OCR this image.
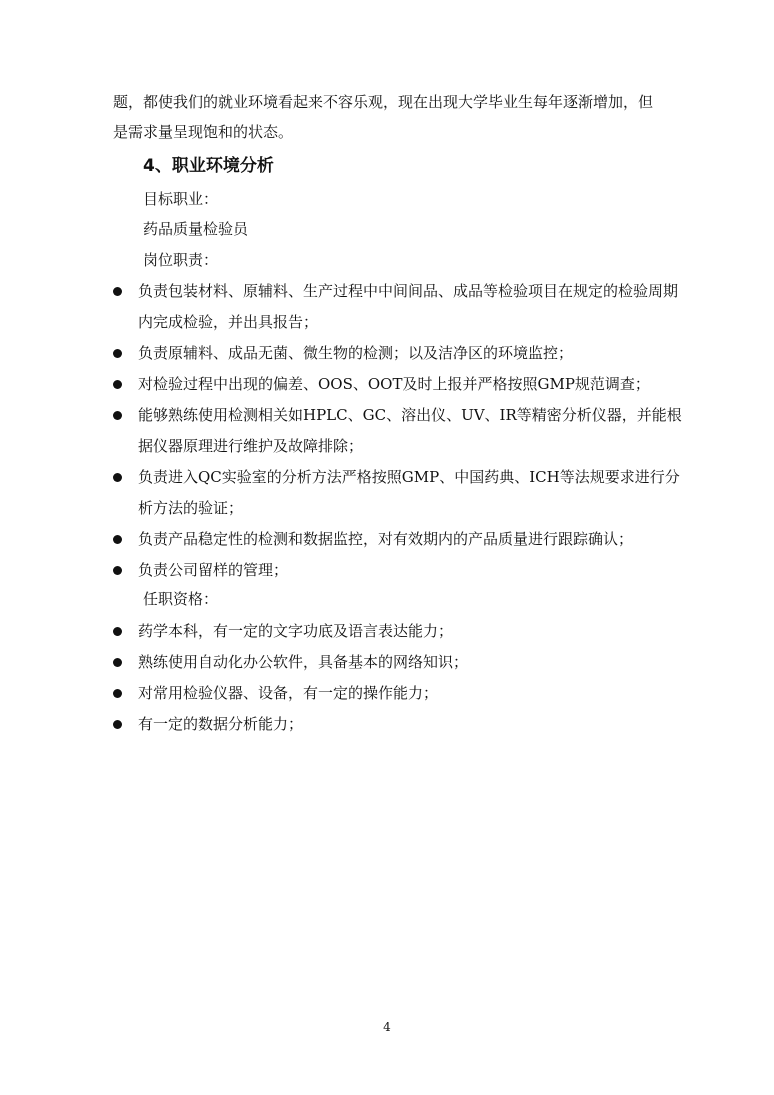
题，都使我们的就业环境看起来不容乐观，现在出现大学毕业生每年逐渐增加，但
是需求量呈现饱和的状态。
4、职业环境分析
目标职业：
药品质量检验员
岗位职责：
负责包装材料、原辅料、生产过程中中间间品、成品等检验项目在规定的检验周期内完成检验，并出具报告；
负责原辅料、成品无菌、微生物的检测；以及洁净区的环境监控；
对检验过程中出现的偏差、OOS、OOT及时上报并严格按照GMP规范调查；
能够熟练使用检测相关如HPLC、GC、溶出仪、UV、IR等精密分析仪器，并能根据仪器原理进行维护及故障排除；
负责进入QC实验室的分析方法严格按照GMP、中国药典、ICH等法规要求进行分析方法的验证；
负责产品稳定性的检测和数据监控，对有效期内的产品质量进行跟踪确认；
负责公司留样的管理；
任职资格：
药学本科，有一定的文字功底及语言表达能力；
熟练使用自动化办公软件，具备基本的网络知识；
对常用检验仪器、设备，有一定的操作能力；
有一定的数据分析能力；
4
